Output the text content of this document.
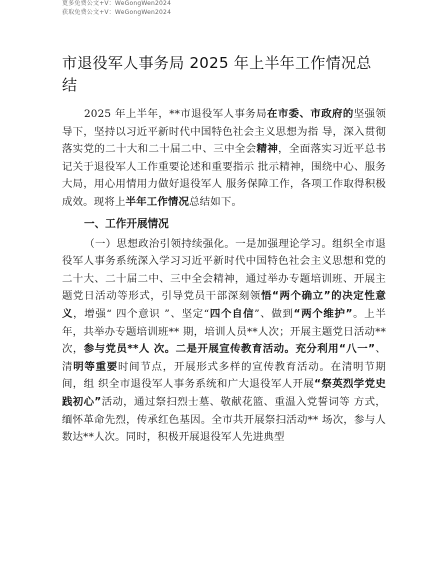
更多免费公文+V：WeGongWen2024
获取免费公文+V：WeGongWen2024
市退役军人事务局 2025 年上半年工作情况总结

2025 年上半年，**市退役军人事务局在市委、市政府的坚强领导下，坚持以习近平新时代中国特色社会主义思想为指 导，深入贯彻落实党的二十大和二十届二中、三中全会精神，全面落实习近平总书记关于退役军人工作重要论述和重要指示 批示精神，围绕中心、服务大局，用心用情用力做好退役军人 服务保障工作，各项工作取得积极成效。现将上半年工作情况总结如下。

一、工作开展情况

（一）思想政治引领持续强化。一是加强理论学习。组织全市退役军人事务系统深入学习习近平新时代中国特色社会主义思想和党的二十大、二十届二中、三中全会精神，通过举办专题培训班、开展主题党日活动等形式，引导党员干部深刻领悟“两个确立”的决定性意义，增强“ 四个意识 ”、坚定“四个自信”、做到“两个维护”。上半年，共举办专题培训班** 期，培训人员**人次；开展主题党日活动**次，参与党员**人 次。二是开展宣传教育活动。充分利用“八一”、清明等重要时间节点，开展形式多样的宣传教育活动。在清明节期间，组 织全市退役军人事务系统和广大退役军人开展“祭英烈学党史 践初心”活动，通过祭扫烈士墓、敬献花篮、重温入党誓词等 方式，缅怀革命先烈，传承红色基因。全市共开展祭扫活动** 场次，参与人数达**人次。同时，积极开展退役军人先进典型
